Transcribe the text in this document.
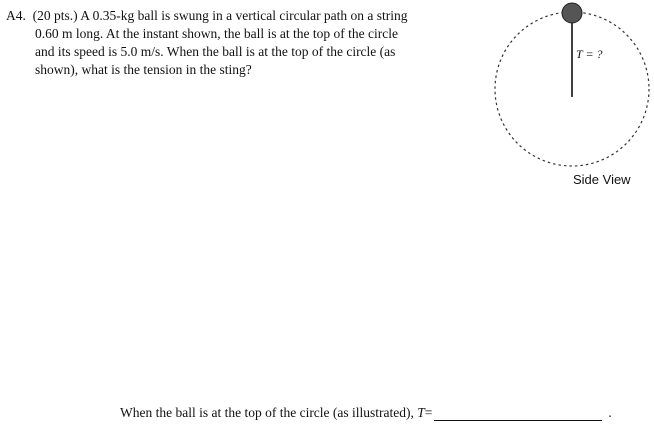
A4. (20 pts.) A 0.35-kg ball is swung in a vertical circular path on a string
0.60 m long. At the instant shown, the ball is at the top of the circle
and its speed is 5.0 m/s. When the ball is at the top of the circle (as
shown), what is the tension in the sting?
T = ?
Side View
When the ball is at the top of the circle (as illustrated),
T =	.
